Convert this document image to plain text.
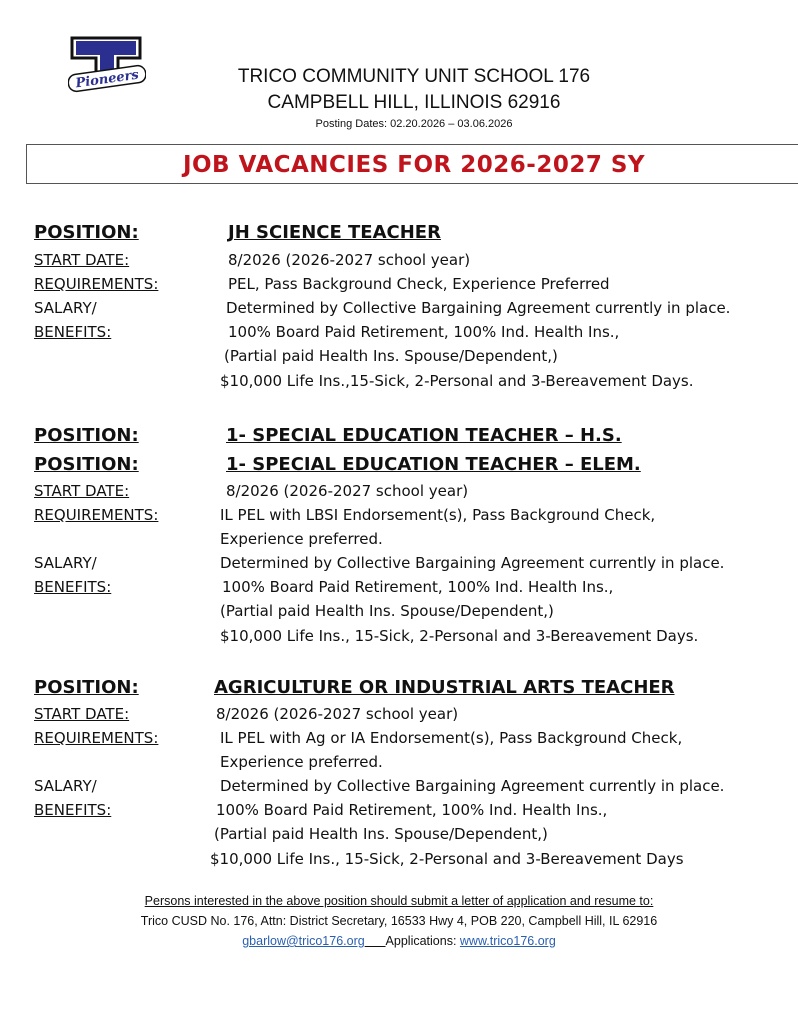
Pioneers	TRICO COMMUNITY UNIT SCHOOL 176
CAMPBELL HILL, ILLINOIS 62916
Posting Dates: 02.20.2026 – 03.06.2026
JOB VACANCIES FOR 2026-2027 SY
POSITION:	JH SCIENCE TEACHER
START DATE:	8/2026 (2026-2027 school year)
REQUIREMENTS:	PEL, Pass Background Check, Experience Preferred
SALARY/	Determined by Collective Bargaining Agreement currently in place.
BENEFITS:	100% Board Paid Retirement, 100% Ind. Health Ins.,
(Partial paid Health Ins. Spouse/Dependent,)
$10,000 Life Ins.,15-Sick, 2-Personal and 3-Bereavement Days.
POSITION:	1- SPECIAL EDUCATION TEACHER – H.S.
POSITION:	1- SPECIAL EDUCATION TEACHER – ELEM.
START DATE:	8/2026 (2026-2027 school year)
REQUIREMENTS:	IL PEL with LBSI Endorsement(s), Pass Background Check,
Experience preferred.
SALARY/	Determined by Collective Bargaining Agreement currently in place.
BENEFITS:	100% Board Paid Retirement, 100% Ind. Health Ins.,
(Partial paid Health Ins. Spouse/Dependent,)
$10,000 Life Ins., 15-Sick, 2-Personal and 3-Bereavement Days.
POSITION:	AGRICULTURE OR INDUSTRIAL ARTS TEACHER
START DATE:	8/2026 (2026-2027 school year)
REQUIREMENTS:	IL PEL with Ag or IA Endorsement(s), Pass Background Check,
Experience preferred.
SALARY/	Determined by Collective Bargaining Agreement currently in place.
BENEFITS:	100% Board Paid Retirement, 100% Ind. Health Ins.,
(Partial paid Health Ins. Spouse/Dependent,)
$10,000 Life Ins., 15-Sick, 2-Personal and 3-Bereavement Days
Persons interested in the above position should submit a letter of application and resume to:
Trico CUSD No. 176, Attn: District Secretary, 16533 Hwy 4, POB 220, Campbell Hill, IL 62916
gbarlow@trico176.org Applications: www.trico176.org
